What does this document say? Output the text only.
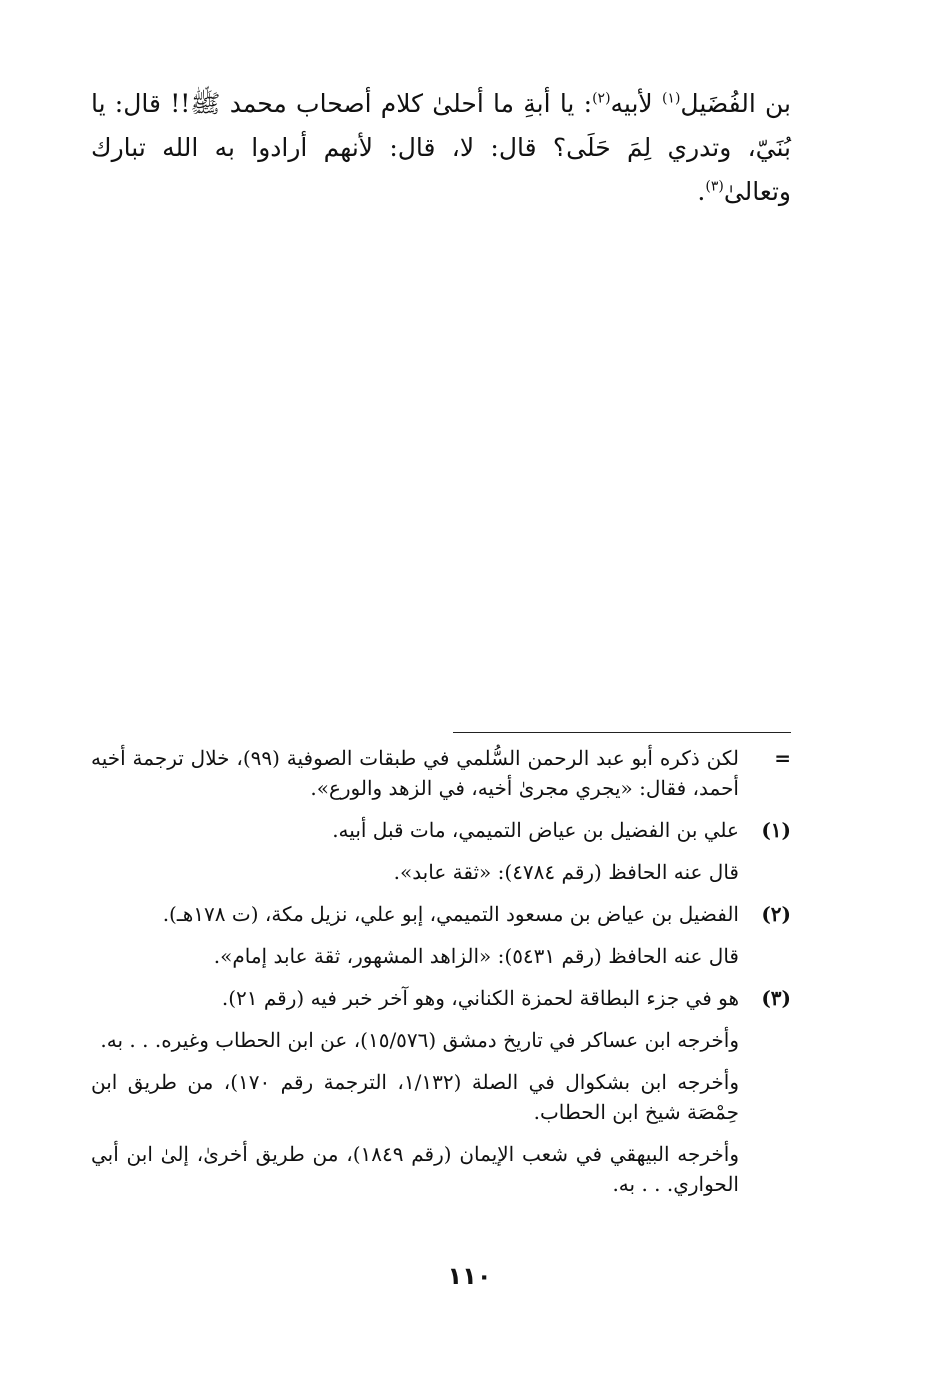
بن الفُضَيل$^{(١)}$ لأبيه$^{(٢)}$: يا أبةِ ما أحلىٰ كلام أصحاب محمد ﷺ!! قال: يا بُنَيّ، وتدري لِمَ حَلَى؟ قال: لا، قال: لأنهم أرادوا به الله تبارك وتعالىٰ$^{(٣)}$.

=
لكن ذكره أبو عبد الرحمن السُّلمي في طبقات الصوفية (٩٩)، خلال ترجمة أخيه أحمد، فقال: «يجري مجرىٰ أخيه، في الزهد والورع».
(١)
علي بن الفضيل بن عياض التميمي، مات قبل أبيه.
قال عنه الحافظ (رقم ٤٧٨٤): «ثقة عابد».
(٢)
الفضيل بن عياض بن مسعود التميمي، إبو علي، نزيل مكة، (ت ١٧٨هـ).
قال عنه الحافظ (رقم ٥٤٣١): «الزاهد المشهور، ثقة عابد إمام».
(٣)
هو في جزء البطاقة لحمزة الكناني، وهو آخر خبر فيه (رقم ٢١).
وأخرجه ابن عساكر في تاريخ دمشق (١٥/٥٧٦)، عن ابن الحطاب وغيره. . . به.
وأخرجه ابن بشكوال في الصلة (١/١٣٢، الترجمة رقم ١٧٠)، من طريق ابن حِمْصَة شيخ ابن الحطاب.
وأخرجه البيهقي في شعب الإيمان (رقم ١٨٤٩)، من طريق أخرىٰ، إلىٰ ابن أبي الحواري. . . به.
١١٠
